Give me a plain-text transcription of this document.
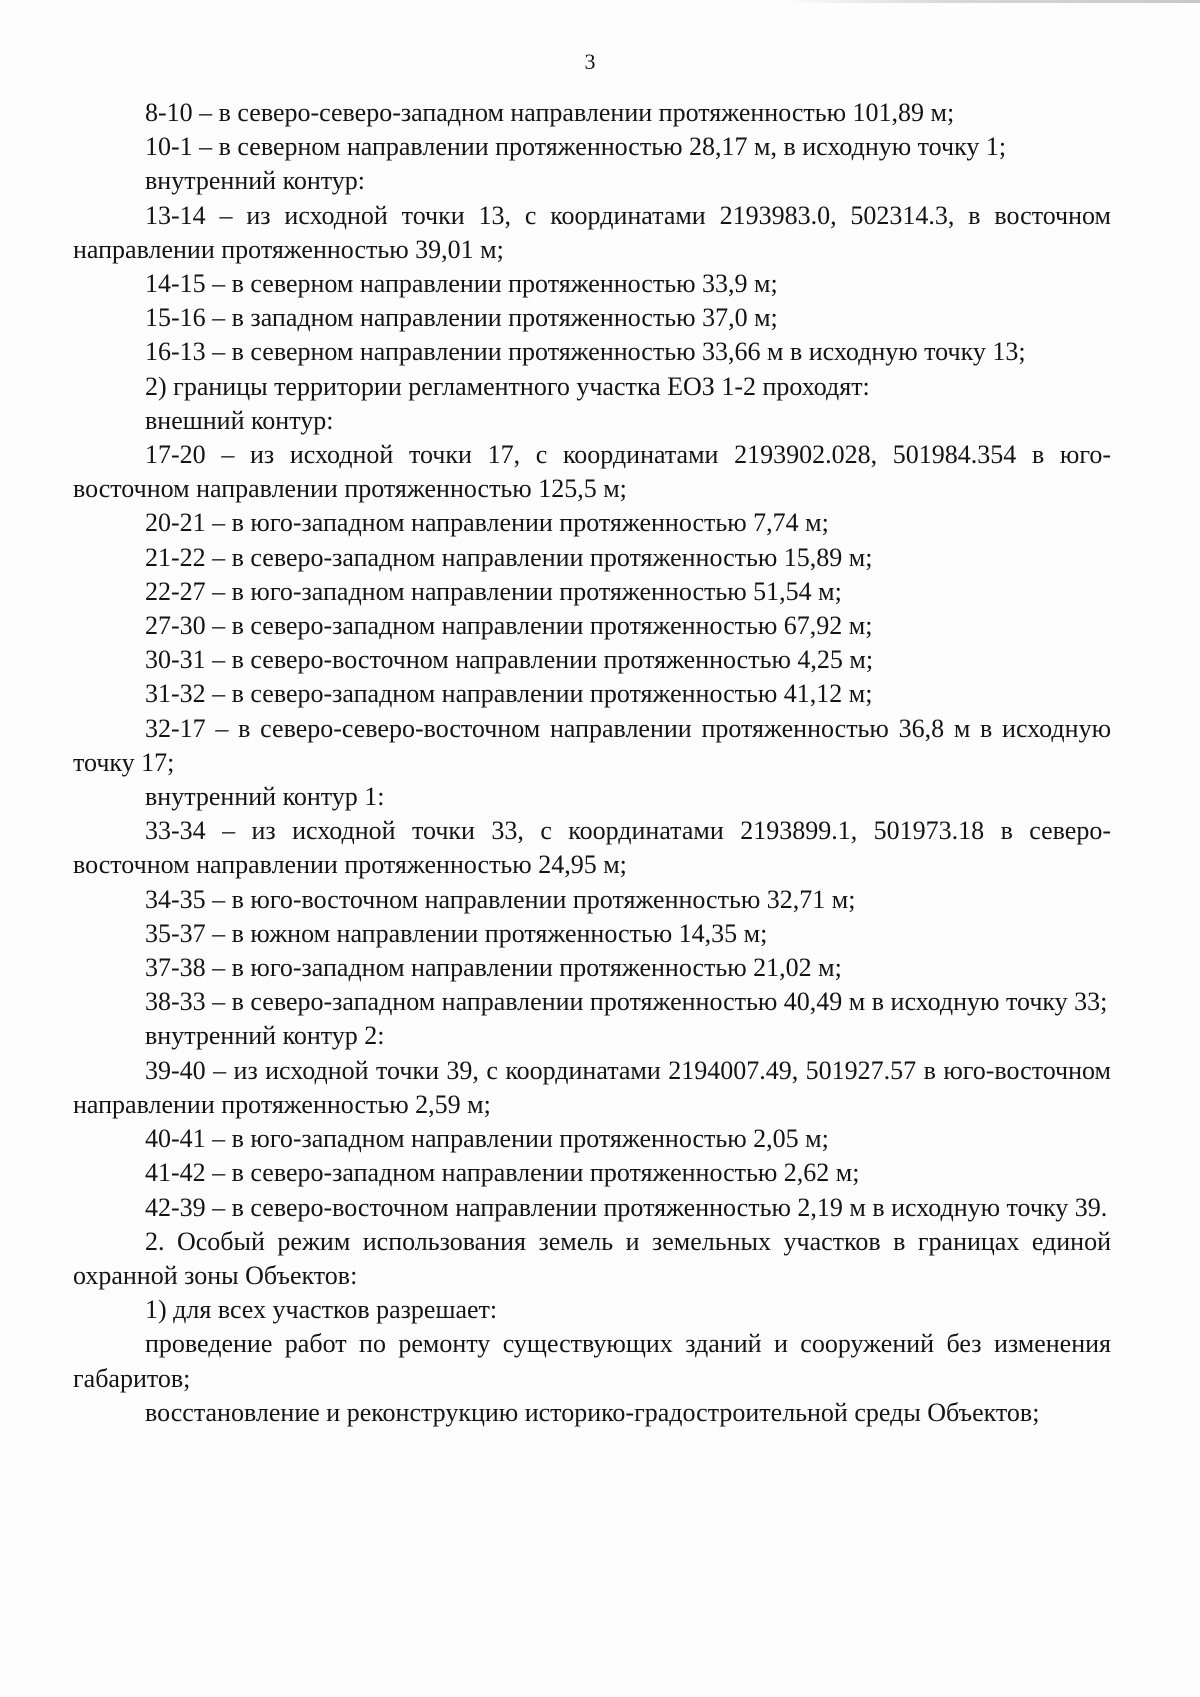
3

8-10 – в северо-северо-западном направлении протяженностью 101,89 м;

10-1 – в северном направлении протяженностью 28,17 м, в исходную точку 1;

внутренний контур:

13-14 – из исходной точки 13, с координатами 2193983.0, 502314.3, в восточном направлении протяженностью 39,01 м;

14-15 – в северном направлении протяженностью 33,9 м;

15-16 – в западном направлении протяженностью 37,0 м;

16-13 – в северном направлении протяженностью 33,66 м в исходную точку 13;

2) границы территории регламентного участка ЕОЗ 1-2 проходят:

внешний контур:

17-20 – из исходной точки 17, с координатами 2193902.028, 501984.354 в юго-восточном направлении протяженностью 125,5 м;

20-21 – в юго-западном направлении протяженностью 7,74 м;

21-22 – в северо-западном направлении протяженностью 15,89 м;

22-27 – в юго-западном направлении протяженностью 51,54 м;

27-30 – в северо-западном направлении протяженностью 67,92 м;

30-31 – в северо-восточном направлении протяженностью 4,25 м;

31-32 – в северо-западном направлении протяженностью 41,12 м;

32-17 – в северо-северо-восточном направлении протяженностью 36,8 м в исходную точку 17;

внутренний контур 1:

33-34 – из исходной точки 33, с координатами 2193899.1, 501973.18 в северо-восточном направлении протяженностью 24,95 м;

34-35 – в юго-восточном направлении протяженностью 32,71 м;

35-37 – в южном направлении протяженностью 14,35 м;

37-38 – в юго-западном направлении протяженностью 21,02 м;

38-33 – в северо-западном направлении протяженностью 40,49 м в исходную точку 33;

внутренний контур 2:

39-40 – из исходной точки 39, с координатами 2194007.49, 501927.57 в юго-восточном направлении протяженностью 2,59 м;

40-41 – в юго-западном направлении протяженностью 2,05 м;

41-42 – в северо-западном направлении протяженностью 2,62 м;

42-39 – в северо-восточном направлении протяженностью 2,19 м в исходную точку 39.

2. Особый режим использования земель и земельных участков в границах единой охранной зоны Объектов:

1) для всех участков разрешает:

проведение работ по ремонту существующих зданий и сооружений без изменения габаритов;

восстановление и реконструкцию историко-градостроительной среды Объектов;
